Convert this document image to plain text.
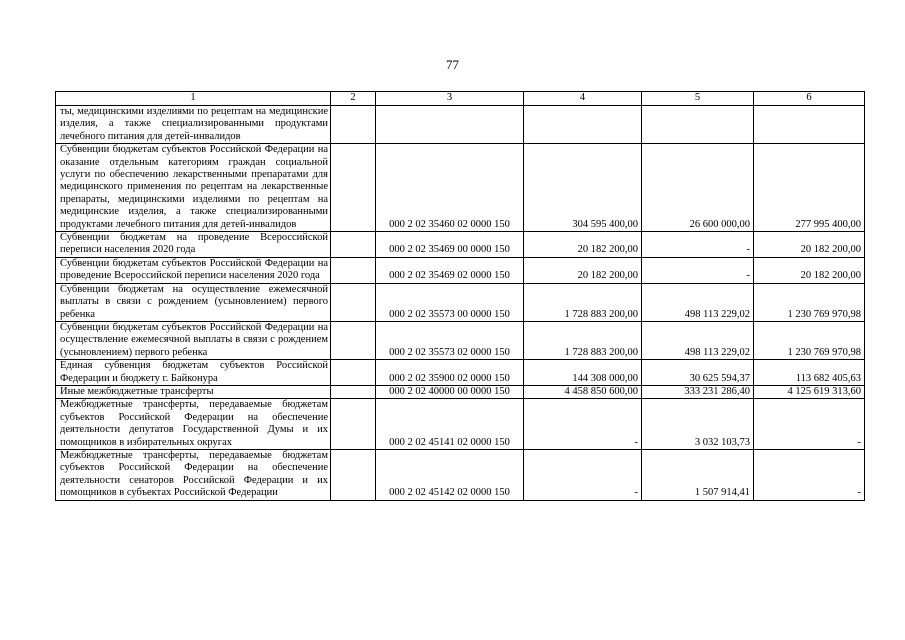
77
1	2	3	4	5	6
ты, медицинскими изделиями по рецептам на медицинские изделия, а также специализированными продуктами лечебного питания для детей-инвалидов					
Субвенции бюджетам субъектов Российской Федерации на оказание отдельным категориям граждан социальной услуги по обеспечению лекарственными препаратами для медицинского применения по рецептам на лекарственные препараты, медицинскими изделиями по рецептам на медицинские изделия, а также специализированными продуктами лечебного питания для детей-инвалидов		000 2 02 35460 02 0000 150	304 595 400,00	26 600 000,00	277 995 400,00
Субвенции бюджетам на проведение Всероссийской переписи населения 2020 года		000 2 02 35469 00 0000 150	20 182 200,00	-	20 182 200,00
Субвенции бюджетам субъектов Российской Федерации на проведение Всероссийской переписи населения 2020 года		000 2 02 35469 02 0000 150	20 182 200,00	-	20 182 200,00
Субвенции бюджетам на осуществление ежемесячной выплаты в связи с рождением (усыновлением) первого ребенка		000 2 02 35573 00 0000 150	1 728 883 200,00	498 113 229,02	1 230 769 970,98
Субвенции бюджетам субъектов Российской Федерации на осуществление ежемесячной выплаты в связи с рождением (усыновлением) первого ребенка		000 2 02 35573 02 0000 150	1 728 883 200,00	498 113 229,02	1 230 769 970,98
Единая субвенция бюджетам субъектов Российской Федерации и бюджету г. Байконура		000 2 02 35900 02 0000 150	144 308 000,00	30 625 594,37	113 682 405,63
Иные межбюджетные трансферты		000 2 02 40000 00 0000 150	4 458 850 600,00	333 231 286,40	4 125 619 313,60
Межбюджетные трансферты, передаваемые бюджетам субъектов Российской Федерации на обеспечение деятельности депутатов Государственной Думы и их помощников в избирательных округах		000 2 02 45141 02 0000 150	-	3 032 103,73	-
Межбюджетные трансферты, передаваемые бюджетам субъектов Российской Федерации на обеспечение деятельности сенаторов Российской Федерации и их помощников в субъектах Российской Федерации		000 2 02 45142 02 0000 150	-	1 507 914,41	-
